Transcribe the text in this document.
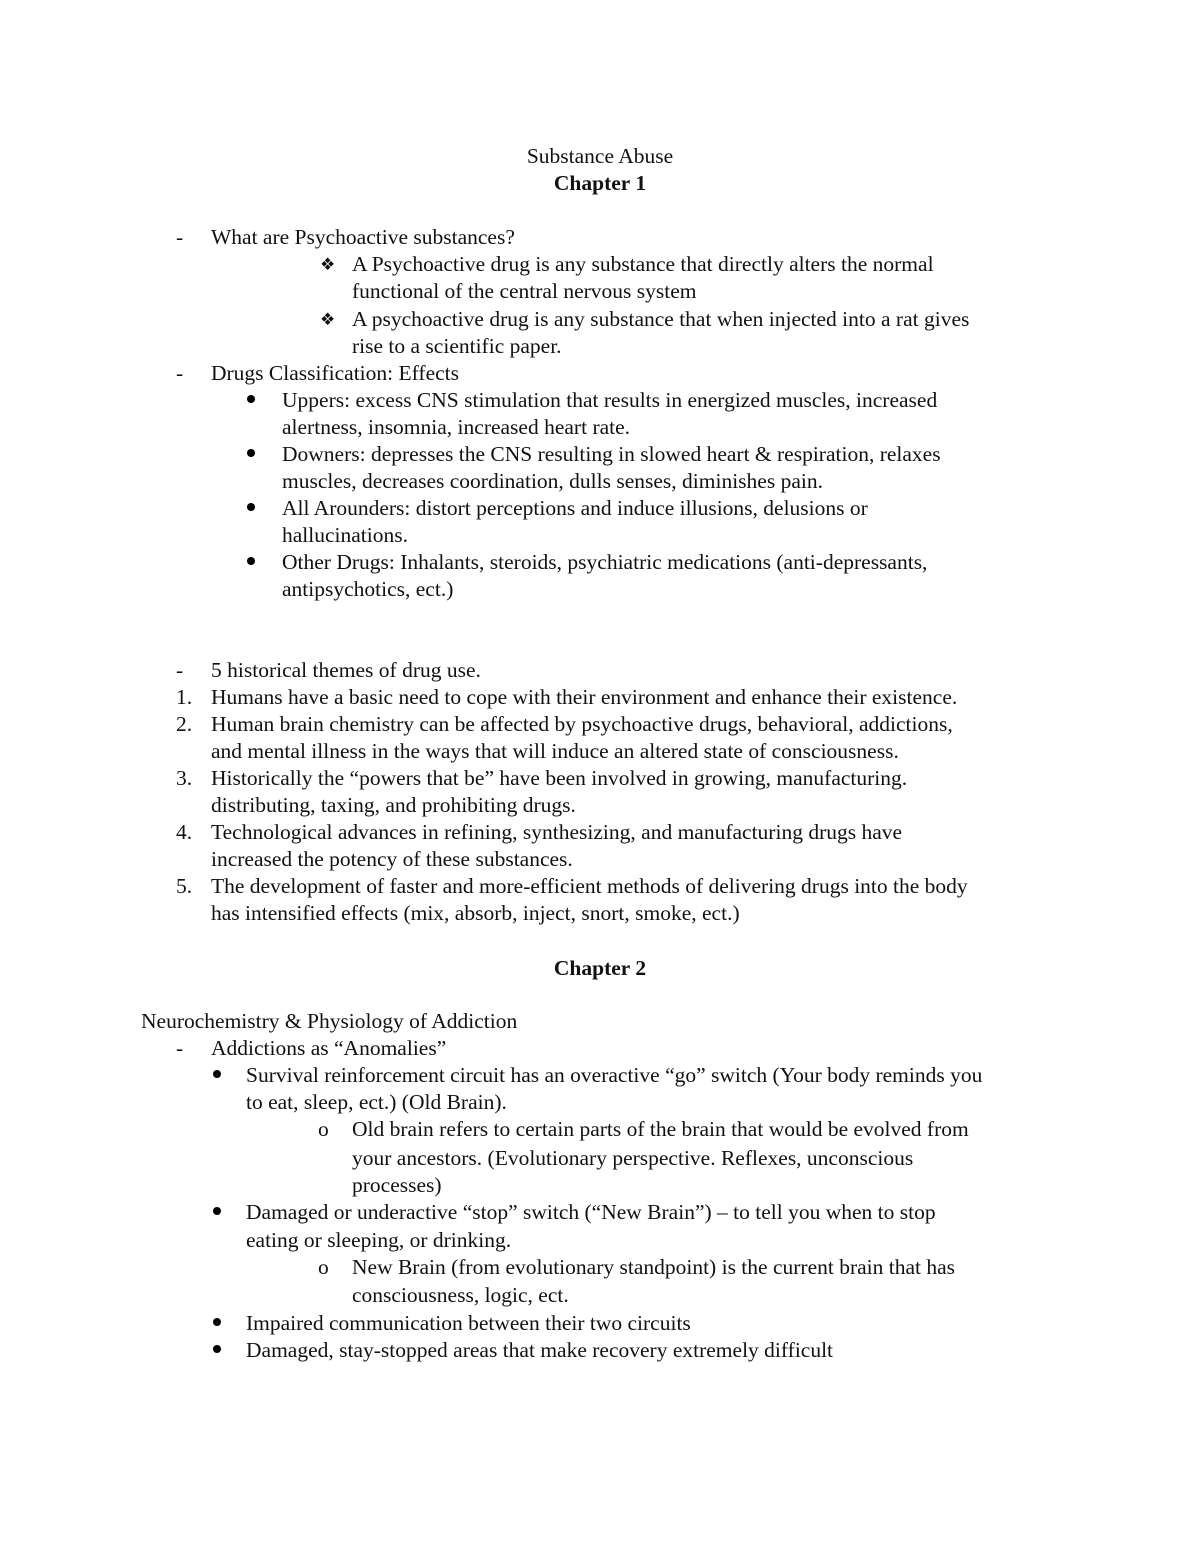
Substance Abuse
Chapter 1
- What are Psychoactive substances?
❖ A Psychoactive drug is any substance that directly alters the normal
functional of the central nervous system
❖ A psychoactive drug is any substance that when injected into a rat gives
rise to a scientific paper.
- Drugs Classification: Effects
Uppers: excess CNS stimulation that results in energized muscles, increased
alertness, insomnia, increased heart rate.
Downers: depresses the CNS resulting in slowed heart & respiration, relaxes
muscles, decreases coordination, dulls senses, diminishes pain.
All Arounders: distort perceptions and induce illusions, delusions or
hallucinations.
Other Drugs: Inhalants, steroids, psychiatric medications (anti-depressants,
antipsychotics, ect.)
- 5 historical themes of drug use.
1. Humans have a basic need to cope with their environment and enhance their existence.
2. Human brain chemistry can be affected by psychoactive drugs, behavioral, addictions,
and mental illness in the ways that will induce an altered state of consciousness.
3. Historically the “powers that be” have been involved in growing, manufacturing.
distributing, taxing, and prohibiting drugs.
4. Technological advances in refining, synthesizing, and manufacturing drugs have
increased the potency of these substances.
5. The development of faster and more-efficient methods of delivering drugs into the body
has intensified effects (mix, absorb, inject, snort, smoke, ect.)
Chapter 2
Neurochemistry & Physiology of Addiction
- Addictions as “Anomalies”
Survival reinforcement circuit has an overactive “go” switch (Your body reminds you
to eat, sleep, ect.) (Old Brain).
o Old brain refers to certain parts of the brain that would be evolved from
your ancestors. (Evolutionary perspective. Reflexes, unconscious
processes)
Damaged or underactive “stop” switch (“New Brain”) – to tell you when to stop
eating or sleeping, or drinking.
o New Brain (from evolutionary standpoint) is the current brain that has
consciousness, logic, ect.
Impaired communication between their two circuits
Damaged, stay-stopped areas that make recovery extremely difficult
